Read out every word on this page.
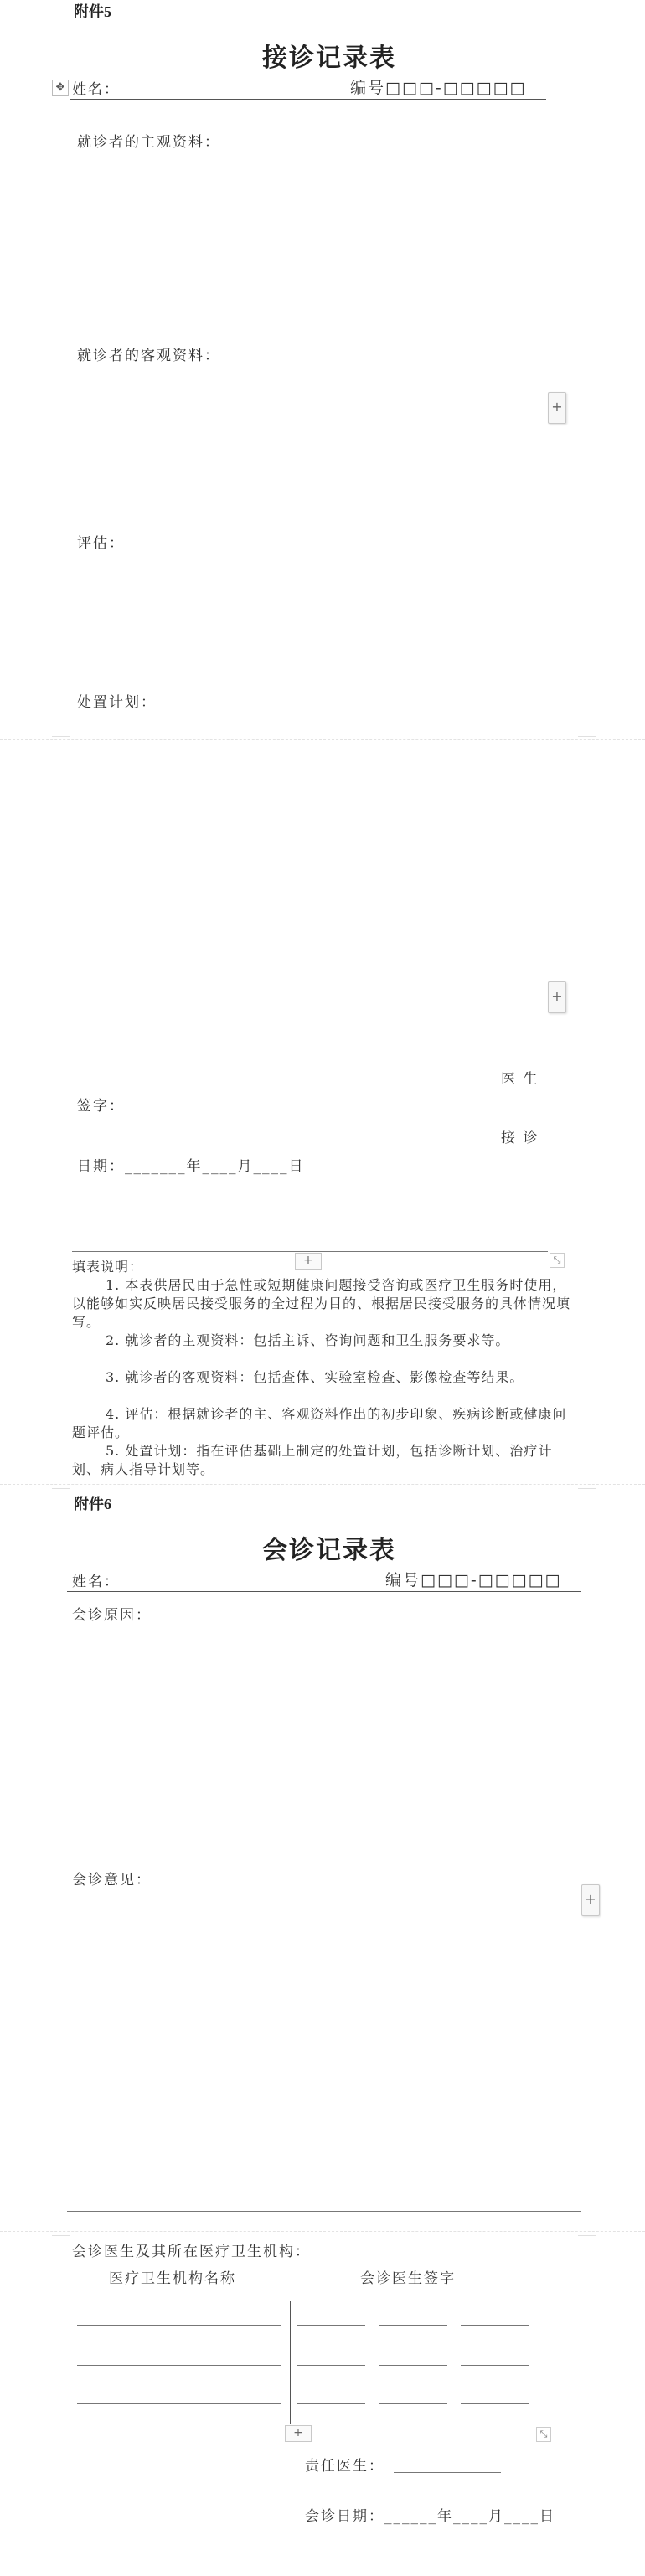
附件5
接诊记录表
✥ 姓名：	编号□□□-□□□□□
就诊者的主观资料：
就诊者的客观资料：
+
评估：
处置计划：
+
医 生
签字：
接 诊
日期：_______年____月____日
+	⤡
填表说明：
1. 本表供居民由于急性或短期健康问题接受咨询或医疗卫生服务时使用，以能够如实反映居民接受服务的全过程为目的、根据居民接受服务的具体情况填写。
2. 就诊者的主观资料：包括主诉、咨询问题和卫生服务要求等。
3. 就诊者的客观资料：包括查体、实验室检查、影像检查等结果。
4. 评估：根据就诊者的主、客观资料作出的初步印象、疾病诊断或健康问题评估。
5. 处置计划：指在评估基础上制定的处置计划，包括诊断计划、治疗计划、病人指导计划等。
附件6
会诊记录表
姓名：	编号□□□-□□□□□
会诊原因：
会诊意见：
+
会诊医生及其所在医疗卫生机构：
医疗卫生机构名称	会诊医生签字
+	⤡
责任医生：
会诊日期：______年____月____日
